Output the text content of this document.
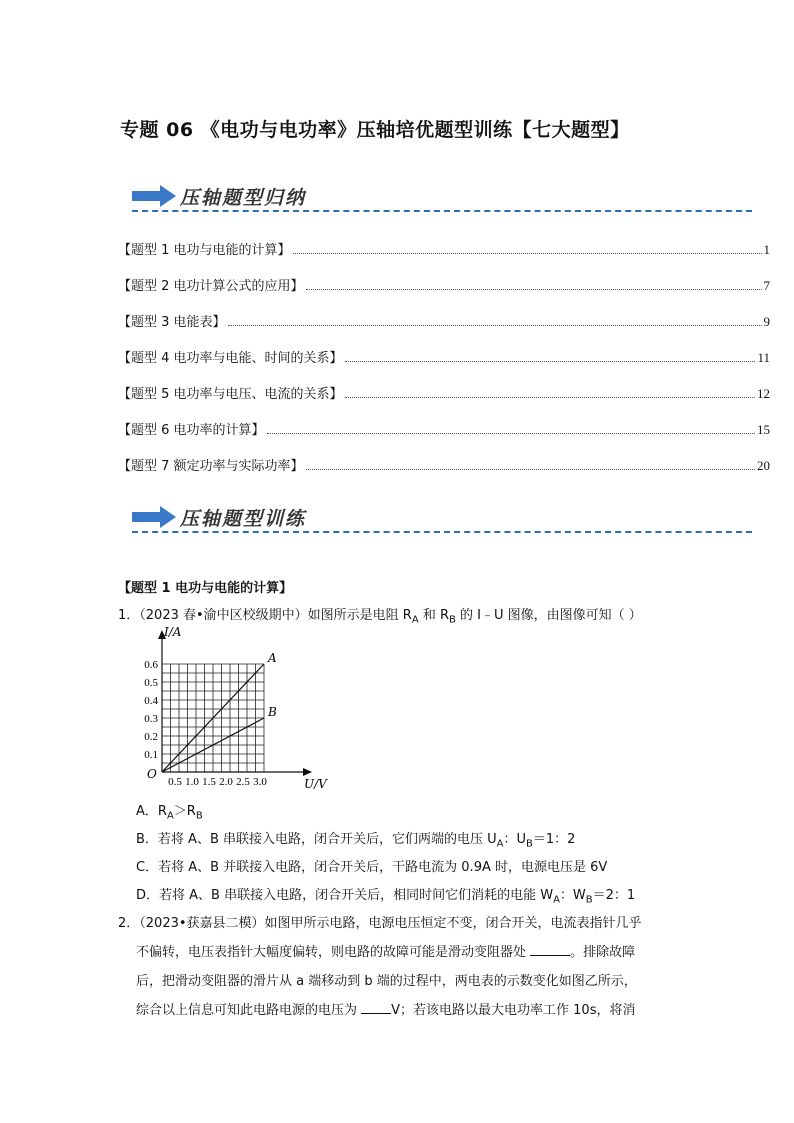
专题 06 《电功与电功率》压轴培优题型训练【七大题型】
压轴题型归纳
【题型 1 电功与电能的计算】	1
【题型 2 电功计算公式的应用】	7
【题型 3 电能表】	9
【题型 4 电功率与电能、时间的关系】	11
【题型 5 电功率与电压、电流的关系】	12
【题型 6 电功率的计算】	15
【题型 7 额定功率与实际功率】	20
压轴题型训练
【题型 1 电功与电能的计算】
1．（2023 春•渝中区校级期中）如图所示是电阻 $R_A$ 和 $R_B$ 的 I﹣U 图像，由图像可知（ ）
A
B
0.5 1.0 1.5 2.0 2.5 3.0
0.1
0.2
0.3
0.4
0.5
0.6
O
I/A
U/V
A．$R_A>R_B$
B．若将 A、B 串联接入电路，闭合开关后，它们两端的电压 $U_A$：$U_B=1$：2
C．若将 A、B 并联接入电路，闭合开关后，干路电流为 0.9A 时，电源电压是 6V
D．若将 A、B 串联接入电路，闭合开关后，相同时间它们消耗的电能 $W_A$：$W_B=2$：1
2．（2023•获嘉县二模）如图甲所示电路，电源电压恒定不变，闭合开关，电流表指针几乎
不偏转，电压表指针大幅度偏转，则电路的故障可能是滑动变阻器处	。排除故障
后，把滑动变阻器的滑片从 a 端移动到 b 端的过程中，两电表的示数变化如图乙所示，
综合以上信息可知此电路电源的电压为 V；若该电路以最大电功率工作 10s，将消
